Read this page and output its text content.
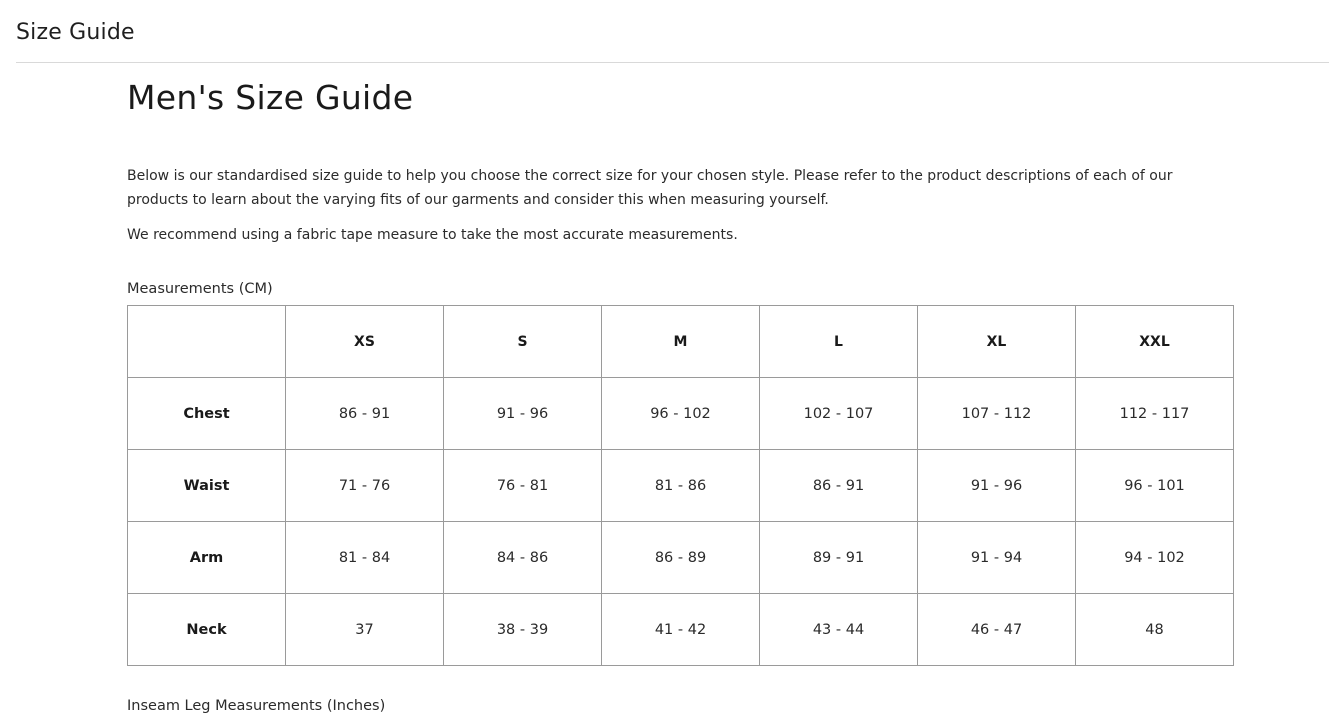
Size Guide
Men's Size Guide

Below is our standardised size guide to help you choose the correct size for your chosen style. Please refer to the product descriptions of each of our products to learn about the varying fits of our garments and consider this when measuring yourself.

We recommend using a fabric tape measure to take the most accurate measurements.

Measurements (CM)
	XS	S	M	L	XL	XXL
Chest	86 - 91	91 - 96	96 - 102	102 - 107	107 - 112	112 - 117
Waist	71 - 76	76 - 81	81 - 86	86 - 91	91 - 96	96 - 101
Arm	81 - 84	84 - 86	86 - 89	89 - 91	91 - 94	94 - 102
Neck	37	38 - 39	41 - 42	43 - 44	46 - 47	48
Inseam Leg Measurements (Inches)
